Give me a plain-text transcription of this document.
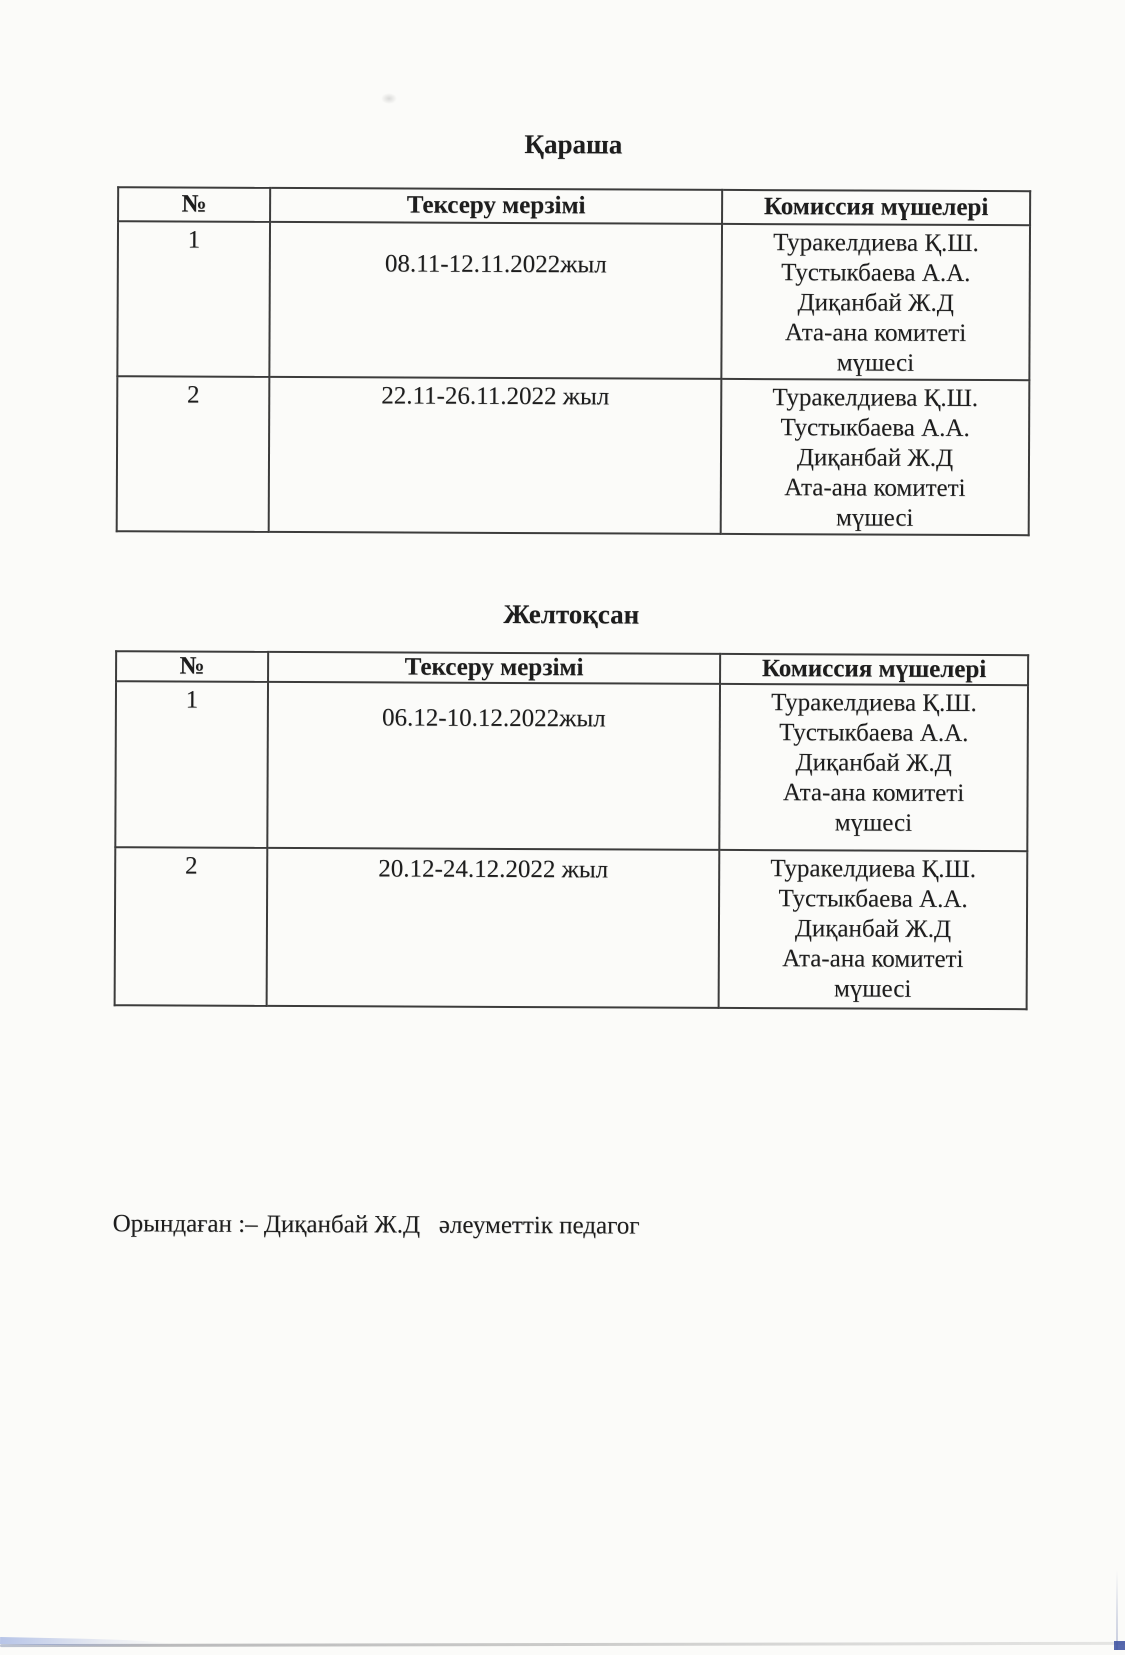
Қараша
№	Тексеру мерзімі	Комиссия мүшелері
1	08.11-12.11.2022жыл	Туракелдиева Қ.Ш.
Тустыкбаева А.А.
Диқанбай Ж.Д
Ата-ана комитеті
мүшесі
2	22.11-26.11.2022 жыл	Туракелдиева Қ.Ш.
Тустыкбаева А.А.
Диқанбай Ж.Д
Ата-ана комитеті
мүшесі
Желтоқсан
№	Тексеру мерзімі	Комиссия мүшелері
1	06.12-10.12.2022жыл	Туракелдиева Қ.Ш.
Тустыкбаева А.А.
Диқанбай Ж.Д
Ата-ана комитеті
мүшесі
2	20.12-24.12.2022 жыл	Туракелдиева Қ.Ш.
Тустыкбаева А.А.
Диқанбай Ж.Д
Ата-ана комитеті
мүшесі
Орындаған :– Диқанбай Ж.Д   әлеуметтік педагог
